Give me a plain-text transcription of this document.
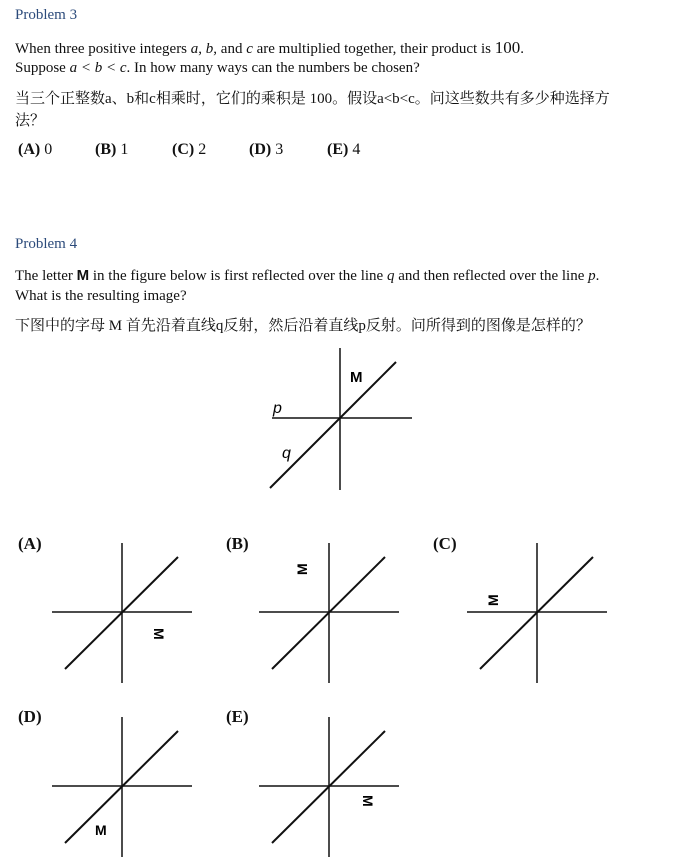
Problem 3
When three positive integers a, b, and c are multiplied together, their product is 100.
Suppose a < b < c. In how many ways can the numbers be chosen?
当三个正整数a、b和c相乘时，它们的乘积是 100。假设a<b<c。问这些数共有多少种选择方
法？
(A) 0	(B) 1	(C) 2	(D) 3	(E) 4
Problem 4
The letter M in the figure below is first reflected over the line q and then reflected over the line p.
What is the resulting image?
下图中的字母 M 首先沿着直线q反射，然后沿着直线p反射。问所得到的图像是怎样的？
M
p
q
(A)
M
(B)
M
(C)
M
(D)
M
(E)
M
